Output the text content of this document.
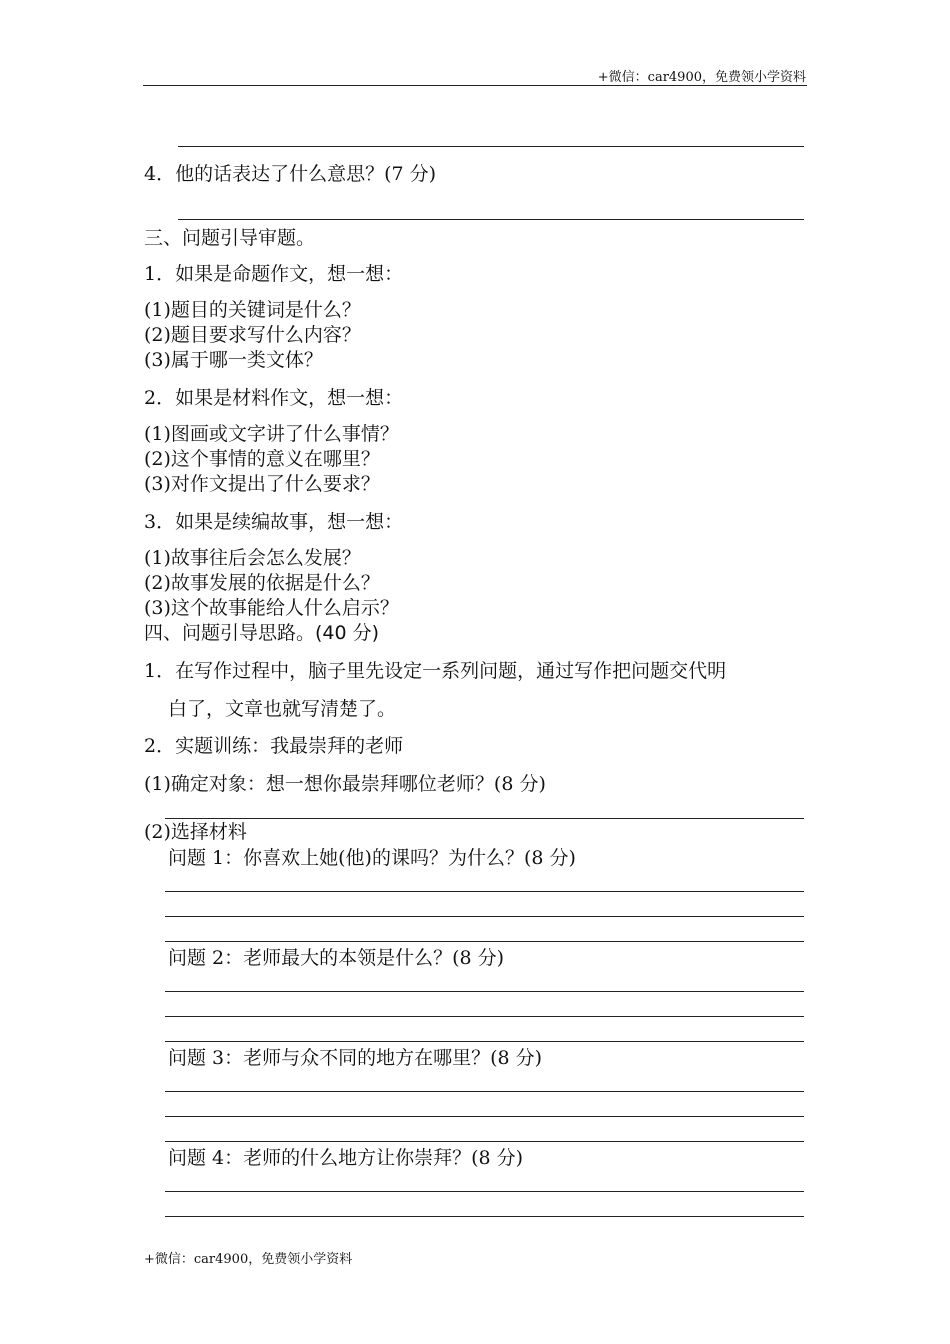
+微信：car4900，免费领小学资料
4．他的话表达了什么意思？(7 分)
三、问题引导审题。
1．如果是命题作文，想一想：
(1)题目的关键词是什么？
(2)题目要求写什么内容？
(3)属于哪一类文体？
2．如果是材料作文，想一想：
(1)图画或文字讲了什么事情？
(2)这个事情的意义在哪里？
(3)对作文提出了什么要求？
3．如果是续编故事，想一想：
(1)故事往后会怎么发展？
(2)故事发展的依据是什么？
(3)这个故事能给人什么启示？
四、问题引导思路。(40 分)
1．在写作过程中，脑子里先设定一系列问题，通过写作把问题交代明
白了，文章也就写清楚了。
2．实题训练：我最崇拜的老师
(1)确定对象：想一想你最崇拜哪位老师？(8 分)
(2)选择材料
问题 1：你喜欢上她(他)的课吗？为什么？(8 分)
问题 2：老师最大的本领是什么？(8 分)
问题 3：老师与众不同的地方在哪里？(8 分)
问题 4：老师的什么地方让你崇拜？(8 分)
+微信：car4900，免费领小学资料
